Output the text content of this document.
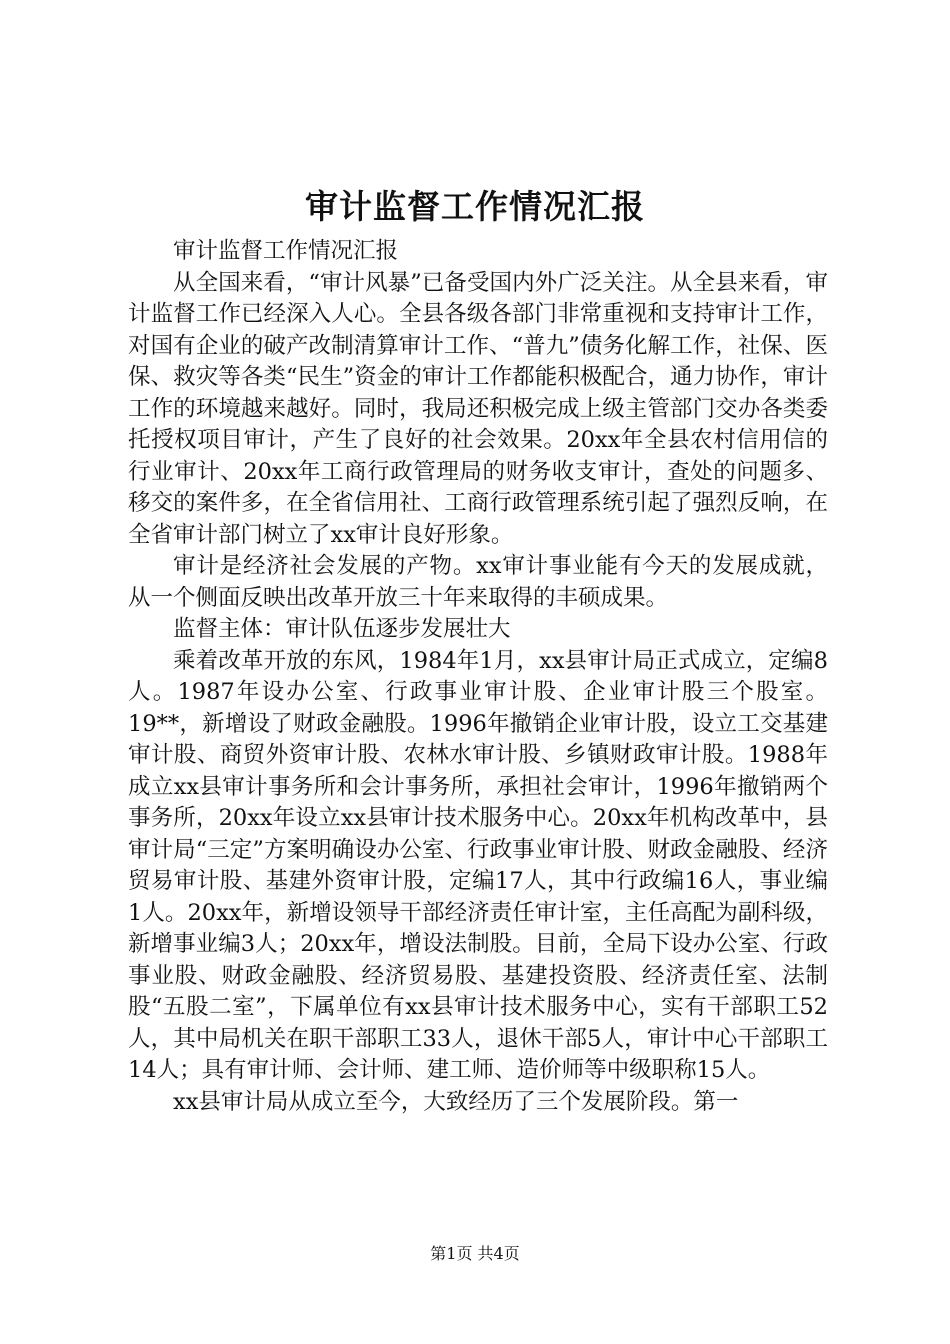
审计监督工作情况汇报

审计监督工作情况汇报

从全国来看，“审计风暴”已备受国内外广泛关注。从全县来看，审计监督工作已经深入人心。全县各级各部门非常重视和支持审计工作，对国有企业的破产改制清算审计工作、“普九”债务化解工作，社保、医保、救灾等各类“民生”资金的审计工作都能积极配合，通力协作，审计工作的环境越来越好。同时，我局还积极完成上级主管部门交办各类委托授权项目审计，产生了良好的社会效果。20xx年全县农村信用信的行业审计、20xx年工商行政管理局的财务收支审计，查处的问题多、移交的案件多，在全省信用社、工商行政管理系统引起了强烈反响，在全省审计部门树立了xx审计良好形象。

审计是经济社会发展的产物。xx审计事业能有今天的发展成就，从一个侧面反映出改革开放三十年来取得的丰硕成果。

监督主体：审计队伍逐步发展壮大

乘着改革开放的东风，1984年1月，xx县审计局正式成立，定编8人。1987年设办公室、行政事业审计股、企业审计股三个股室。19**，新增设了财政金融股。1996年撤销企业审计股，设立工交基建审计股、商贸外资审计股、农林水审计股、乡镇财政审计股。1988年成立xx县审计事务所和会计事务所，承担社会审计，1996年撤销两个事务所，20xx年设立xx县审计技术服务中心。20xx年机构改革中，县审计局“三定”方案明确设办公室、行政事业审计股、财政金融股、经济贸易审计股、基建外资审计股，定编17人，其中行政编16人，事业编1人。20xx年，新增设领导干部经济责任审计室，主任高配为副科级，新增事业编3人；20xx年，增设法制股。目前，全局下设办公室、行政事业股、财政金融股、经济贸易股、基建投资股、经济责任室、法制股“五股二室”，下属单位有xx县审计技术服务中心，实有干部职工52人，其中局机关在职干部职工33人，退休干部5人，审计中心干部职工14人；具有审计师、会计师、建工师、造价师等中级职称15人。

xx县审计局从成立至今，大致经历了三个发展阶段。第一

第1页 共4页
